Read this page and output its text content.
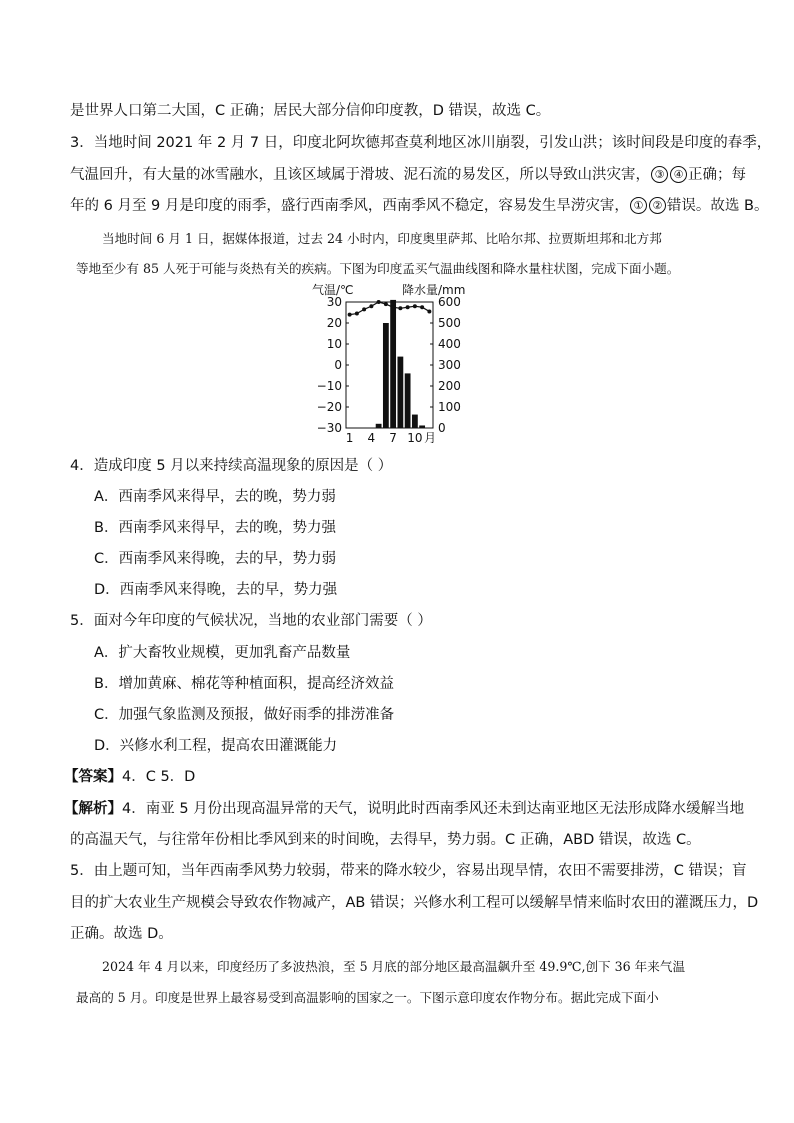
是世界人口第二大国，C 正确；居民大部分信仰印度教，D 错误，故选 C。
3．当地时间 2021 年 2 月 7 日，印度北阿坎德邦查莫利地区冰川崩裂，引发山洪；该时间段是印度的春季，
气温回升，有大量的冰雪融水，且该区域属于滑坡、泥石流的易发区，所以导致山洪灾害， ③ ④ 正确；每
年的 6 月至 9 月是印度的雨季，盛行西南季风，西南季风不稳定，容易发生旱涝灾害， ① ② 错误。故选 B。
当地时间 6 月 1 日，据媒体报道，过去 24 小时内，印度奥里萨邦、比哈尔邦、拉贾斯坦邦和北方邦
等地至少有 85 人死于可能与炎热有关的疾病。下图为印度孟买气温曲线图和降水量柱状图，完成下面小题。
气温/℃	降水量/mm
30
20
10
0
−10
−20
−30
600
500
400
300
200
100
0
1 4 7 10 月
4．造成印度 5 月以来持续高温现象的原因是（ ）
A．西南季风来得早，去的晚，势力弱
B．西南季风来得早，去的晚，势力强
C．西南季风来得晚，去的早，势力弱
D．西南季风来得晚，去的早，势力强
5．面对今年印度的气候状况，当地的农业部门需要（ ）
A．扩大畜牧业规模，更加乳畜产品数量
B．增加黄麻、棉花等种植面积，提高经济效益
C．加强气象监测及预报，做好雨季的排涝准备
D．兴修水利工程，提高农田灌溉能力
【答案】4．C 5．D
【解析】4．南亚 5 月份出现高温异常的天气，说明此时西南季风还未到达南亚地区无法形成降水缓解当地
的高温天气，与往常年份相比季风到来的时间晚，去得早，势力弱。C 正确，ABD 错误，故选 C。
5．由上题可知，当年西南季风势力较弱，带来的降水较少，容易出现旱情，农田不需要排涝，C 错误；盲
目的扩大农业生产规模会导致农作物减产，AB 错误；兴修水利工程可以缓解旱情来临时农田的灌溉压力，D
正确。故选 D。
2024 年 4 月以来，印度经历了多波热浪，至 5 月底的部分地区最高温飙升至 49.9℃,创下 36 年来气温
最高的 5 月。印度是世界上最容易受到高温影响的国家之一。下图示意印度农作物分布。据此完成下面小
